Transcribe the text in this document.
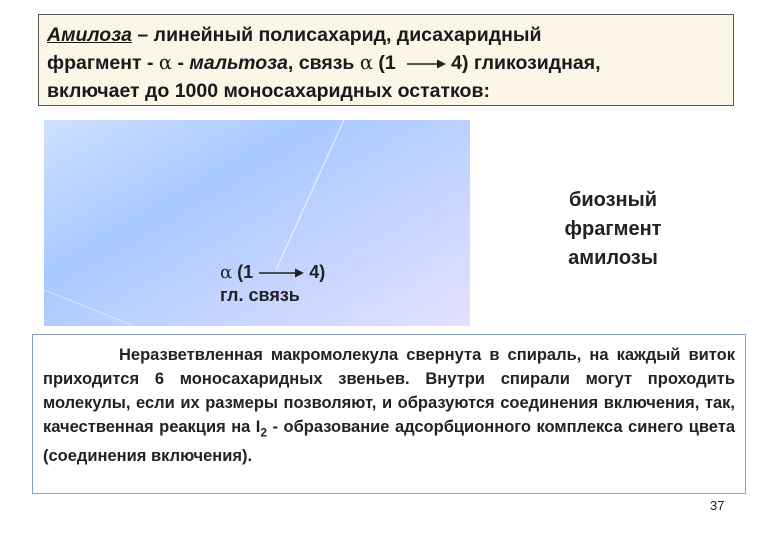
Амилоза – линейный полисахарид, дисахаридный
фрагмент - α - мальтоза, связь α (1	4) гликозидная,
включает до 1000 моносахаридных остатков:
α
(1	4)
гл. связь
биозный
фрагмент
амилозы

Неразветвленная макромолекула свернута в спираль, на каждый виток приходится 6 моносахаридных звеньев. Внутри спирали могут проходить молекулы, если их размеры позволяют, и образуются соединения включения, так, качественная реакция на $I_2$ - образование адсорбционного комплекса синего цвета (соединения включения).

37
